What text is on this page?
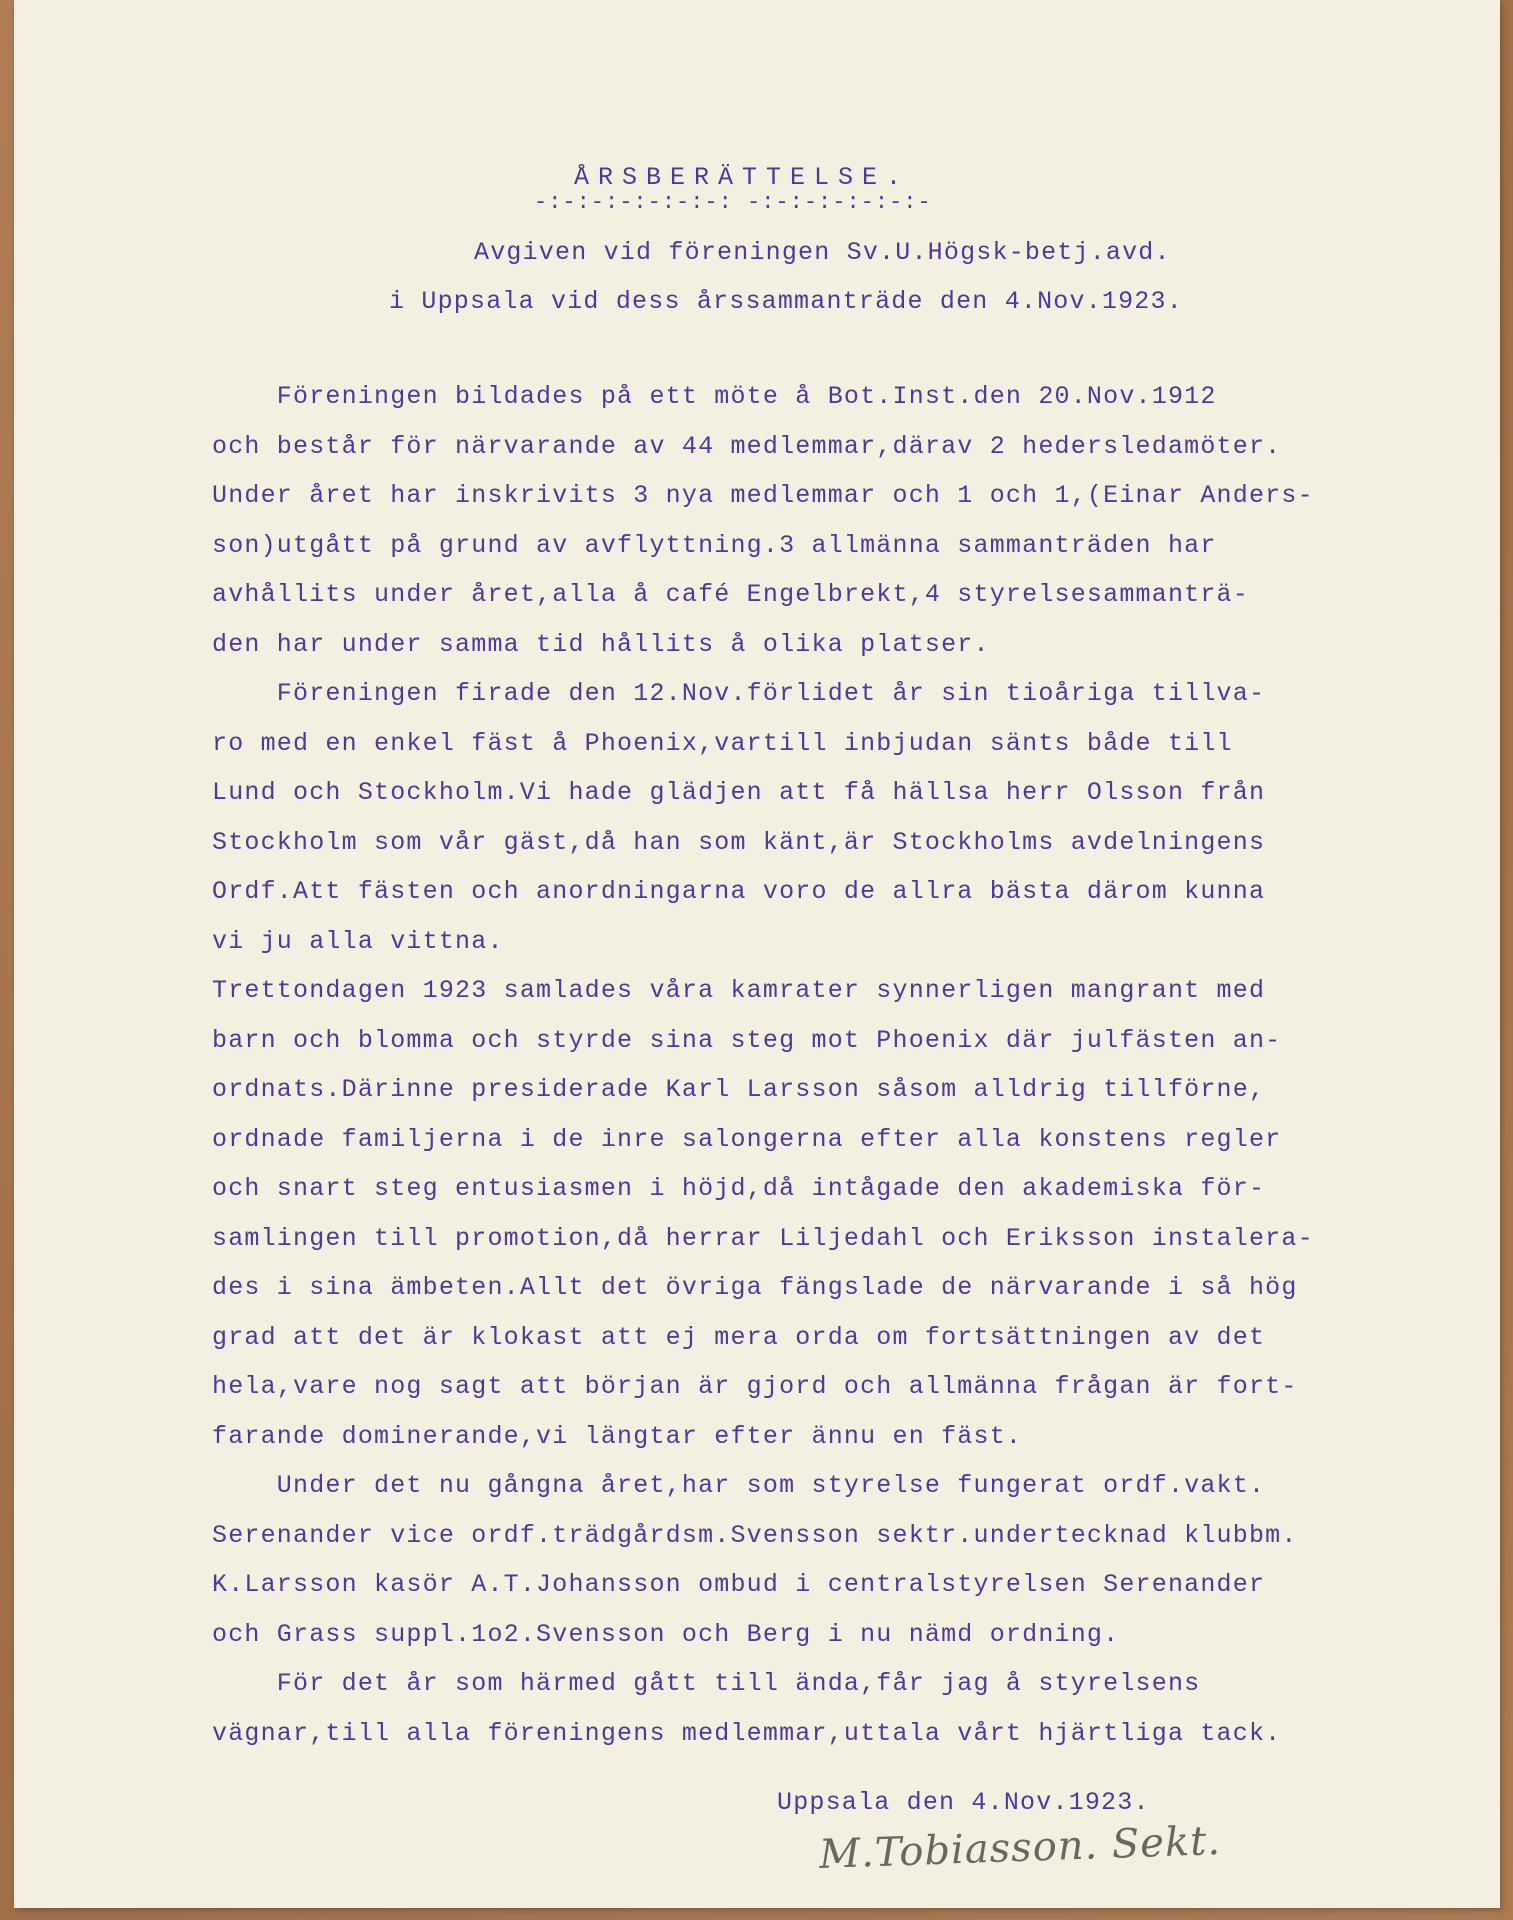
ÅRSBERÄTTELSE.

-:-:-:-:-:-:-: -:-:-:-:-:-:-

Avgiven vid föreningen Sv.U.Högsk-betj.avd.

i Uppsala vid dess årssammanträde den 4.Nov.1923.

Föreningen bildades på ett möte å Bot.Inst.den 20.Nov.1912

och består för närvarande av 44 medlemmar,därav 2 hedersledamöter.

Under året har inskrivits 3 nya medlemmar och 1 och 1,(Einar Anders-

son)utgått på grund av avflyttning.3 allmänna sammanträden har

avhållits under året,alla å café Engelbrekt,4 styrelsesammanträ-

den har under samma tid hållits å olika platser.

Föreningen firade den 12.Nov.förlidet år sin tioåriga tillva-

ro med en enkel fäst å Phoenix,vartill inbjudan sänts både till

Lund och Stockholm.Vi hade glädjen att få hällsa herr Olsson från

Stockholm som vår gäst,då han som känt,är Stockholms avdelningens

Ordf.Att fästen och anordningarna voro de allra bästa därom kunna

vi ju alla vittna.

Trettondagen 1923 samlades våra kamrater synnerligen mangrant med

barn och blomma och styrde sina steg mot Phoenix där julfästen an-

ordnats.Därinne presiderade Karl Larsson såsom alldrig tillförne,

ordnade familjerna i de inre salongerna efter alla konstens regler

och snart steg entusiasmen i höjd,då intågade den akademiska för-

samlingen till promotion,då herrar Liljedahl och Eriksson instalera-

des i sina ämbeten.Allt det övriga fängslade de närvarande i så hög

grad att det är klokast att ej mera orda om fortsättningen av det

hela,vare nog sagt att början är gjord och allmänna frågan är fort-

farande dominerande,vi längtar efter ännu en fäst.

Under det nu gångna året,har som styrelse fungerat ordf.vakt.

Serenander vice ordf.trädgårdsm.Svensson sektr.undertecknad klubbm.

K.Larsson kasör A.T.Johansson ombud i centralstyrelsen Serenander

och Grass suppl.1o2.Svensson och Berg i nu nämd ordning.

För det år som härmed gått till ända,får jag å styrelsens

vägnar,till alla föreningens medlemmar,uttala vårt hjärtliga tack.

Uppsala den 4.Nov.1923.

M.Tobiasson. Sekt.
